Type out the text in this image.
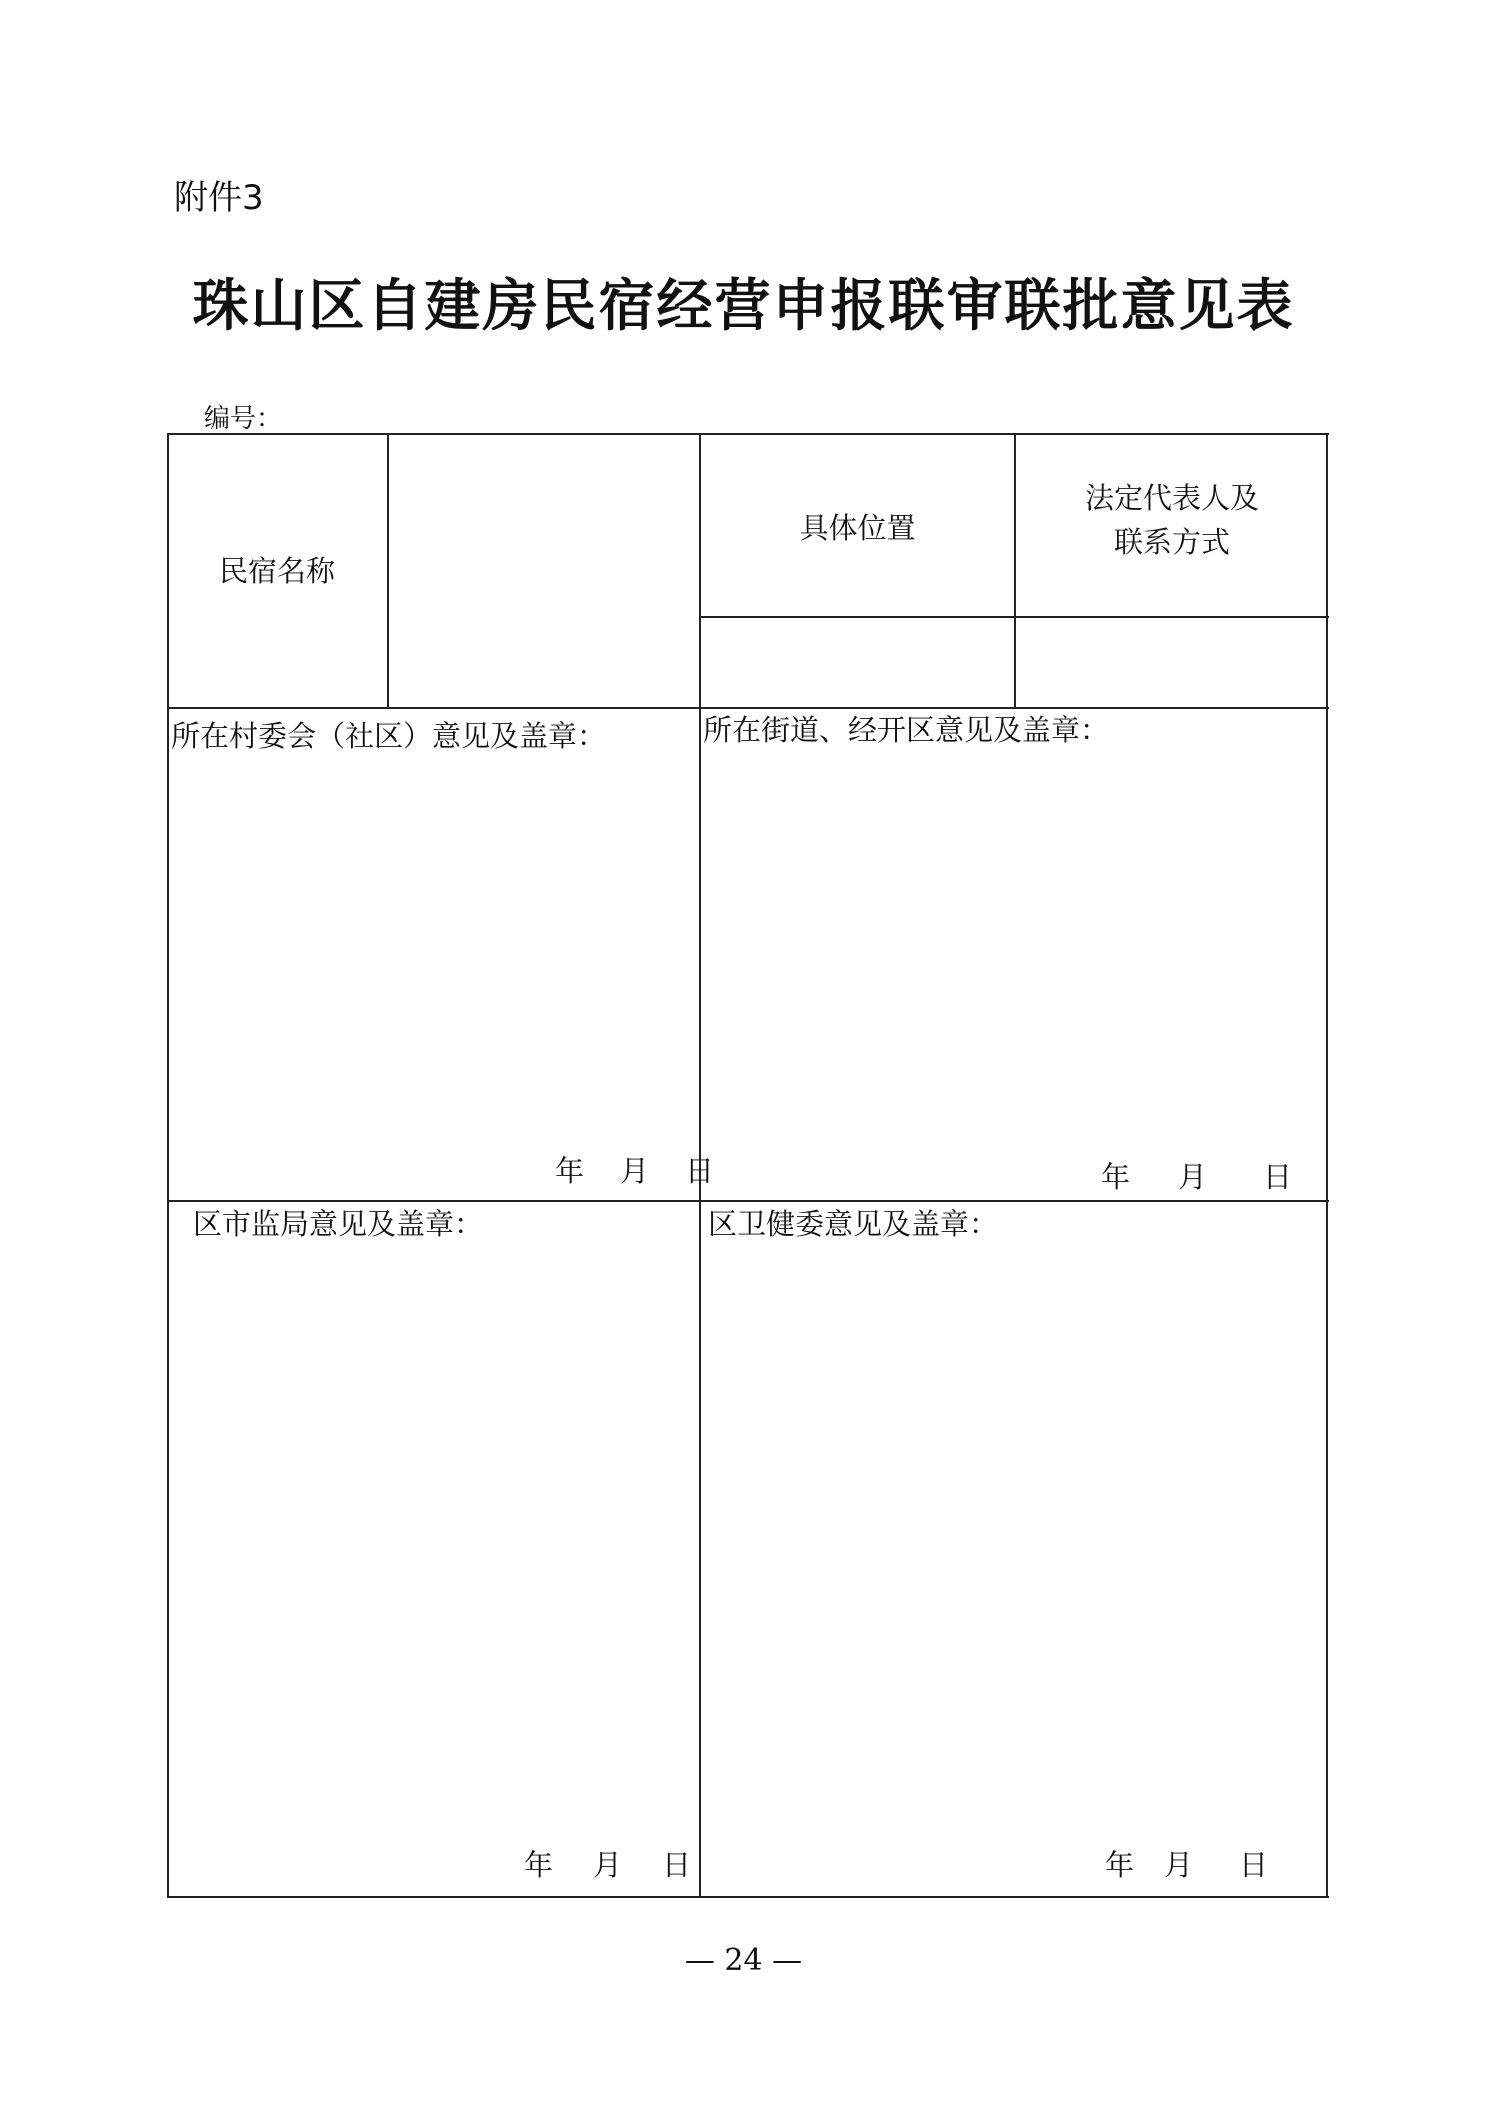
附件3
珠山区自建房民宿经营申报联审联批意见表
编号：
民宿名称
具体位置
法定代表人及
联系方式
所在村委会（社区）意见及盖章：
年 月 日
所在街道、经开区意见及盖章：
年 月 日
区市监局意见及盖章：
年 月 日
区卫健委意见及盖章：
年 月 日
— 24 —
